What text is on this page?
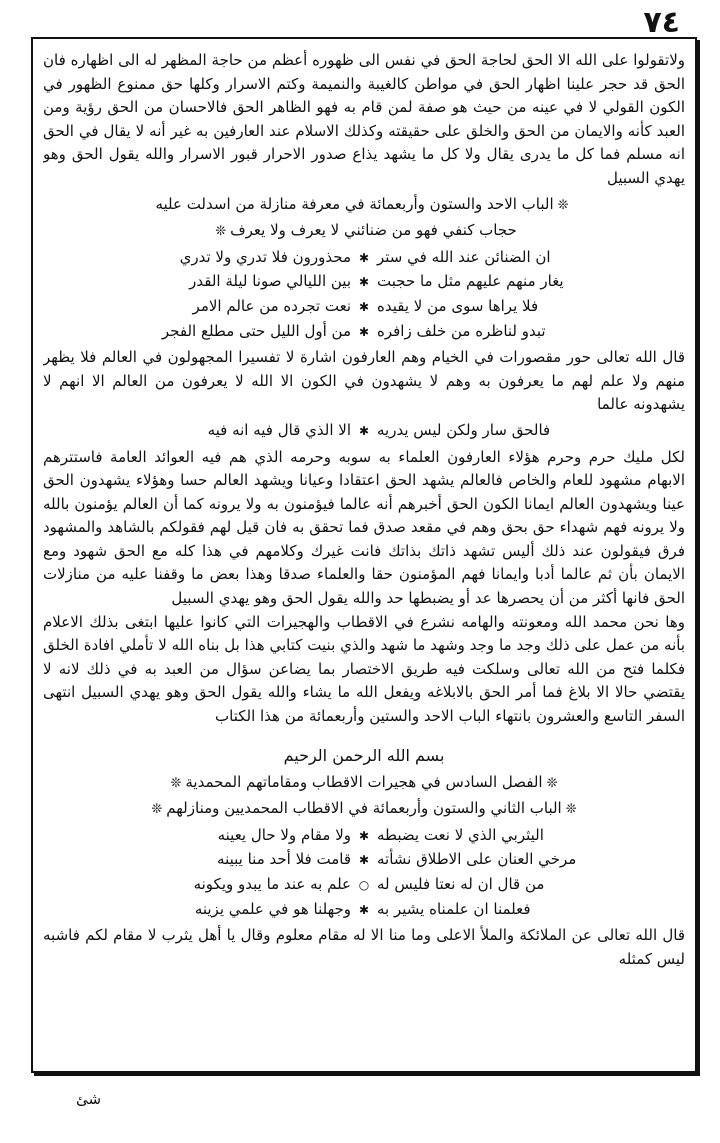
٧٤

ولاتقولوا على الله الا الحق لحاجة الحق في نفس الى ظهوره أعظم من حاجة المظهر له الى اظهاره فان الحق قد حجر علينا اظهار الحق في مواطن كالغيبة والنميمة وكتم الاسرار وكلها حق ممنوع الظهور في الكون القولي لا في عينه من حيث هو صفة لمن قام به فهو الظاهر الحق فالاحسان من الحق رؤية ومن العبد كأنه والايمان من الحق والخلق على حقيقته وكذلك الاسلام عند العارفين به غير أنه لا يقال في الحق انه مسلم فما كل ما يدرى يقال ولا كل ما يشهد يذاع صدور الاحرار قبور الاسرار والله يقول الحق وهو يهدي السبيل

❊الباب الاحد والستون وأربعمائة في معرفة منازلة من اسدلت عليه
حجاب كنفي فهو من ضنائني لا يعرف ولا يعرف❊
ان الضنائن عند الله في ستر
✱
محذورون فلا تدري ولا تدري
يغار منهم عليهم مثل ما حجبت
✱
بين الليالي صونا ليلة القدر
فلا يراها سوى من لا يقيده
✱
نعت تجرده من عالم الامر
تبدو لناظره من خلف زافره
✱
من أول الليل حتى مطلع الفجر

قال الله تعالى حور مقصورات في الخيام وهم العارفون اشارة لا تفسيرا المجهولون في العالم فلا يظهر منهم ولا علم لهم ما يعرفون به وهم لا يشهدون في الكون الا الله لا يعرفون من العالم الا انهم لا يشهدونه عالما

فالحق سار ولكن ليس يدريه
✱
الا الذي قال فيه انه فيه

لكل مليك حرم وحرم هؤلاء العارفون العلماء به سوبه وحرمه الذي هم فيه العوائد العامة فاستترهم الابهام مشهود للعام والخاص فالعالم يشهد الحق اعتقادا وعيانا ويشهد العالم حسا وهؤلاء يشهدون الحق عينا ويشهدون العالم ايمانا الكون الحق أخبرهم أنه عالما فيؤمنون به ولا يرونه كما أن العالم يؤمنون بالله ولا يرونه فهم شهداء حق بحق وهم في مقعد صدق فما تحقق به فان قيل لهم فقولكم بالشاهد والمشهود فرق فيقولون عند ذلك أليس تشهد ذاتك بذاتك فانت غيرك وكلامهم في هذا كله مع الحق شهود ومع الايمان بأن ثم عالما أدبا وايمانا فهم المؤمنون حقا والعلماء صدقا وهذا بعض ما وقفنا عليه من منازلات الحق فانها أكثر من أن يحصرها عد أو يضبطها حد والله يقول الحق وهو يهدي السبيل

وها نحن محمد الله ومعونته والهامه نشرع في الاقطاب والهجيرات التي كانوا عليها ابتغى بذلك الاعلام بأنه من عمل على ذلك وجد ما وجد وشهد ما شهد والذي بنيت كتابي هذا بل بناه الله لا تأملي افادة الخلق فكلما فتح من الله تعالى وسلكت فيه طريق الاختصار بما يضاعن سؤال من العبد به في ذلك لانه لا يقتضي حالا الا بلاغ فما أمر الحق بالابلاغه ويفعل الله ما يشاء والله يقول الحق وهو يهدي السبيل انتهى السفر التاسع والعشرون بانتهاء الباب الاحد والستين وأربعمائة من هذا الكتاب

بسم الله الرحمن الرحيم
❊الفصل السادس في هجيرات الاقطاب ومقاماتهم المحمدية❊
❊الباب الثاني والستون وأربعمائة في الاقطاب المحمديين ومنازلهم❊
اليثربي الذي لا نعت يضبطه
✱
ولا مقام ولا حال يعينه
مرخي العنان على الاطلاق نشأته
✱
قامت فلا أحد منا يبينه
من قال ان له نعتا فليس له
○
علم به عند ما يبدو ويكونه
فعلمنا ان علمناه يشير به
✱
وجهلنا هو في علمي يزينه

قال الله تعالى عن الملائكة والملأ الاعلى وما منا الا له مقام معلوم وقال يا أهل يثرب لا مقام لكم فاشبه ليس كمثله

شئ
